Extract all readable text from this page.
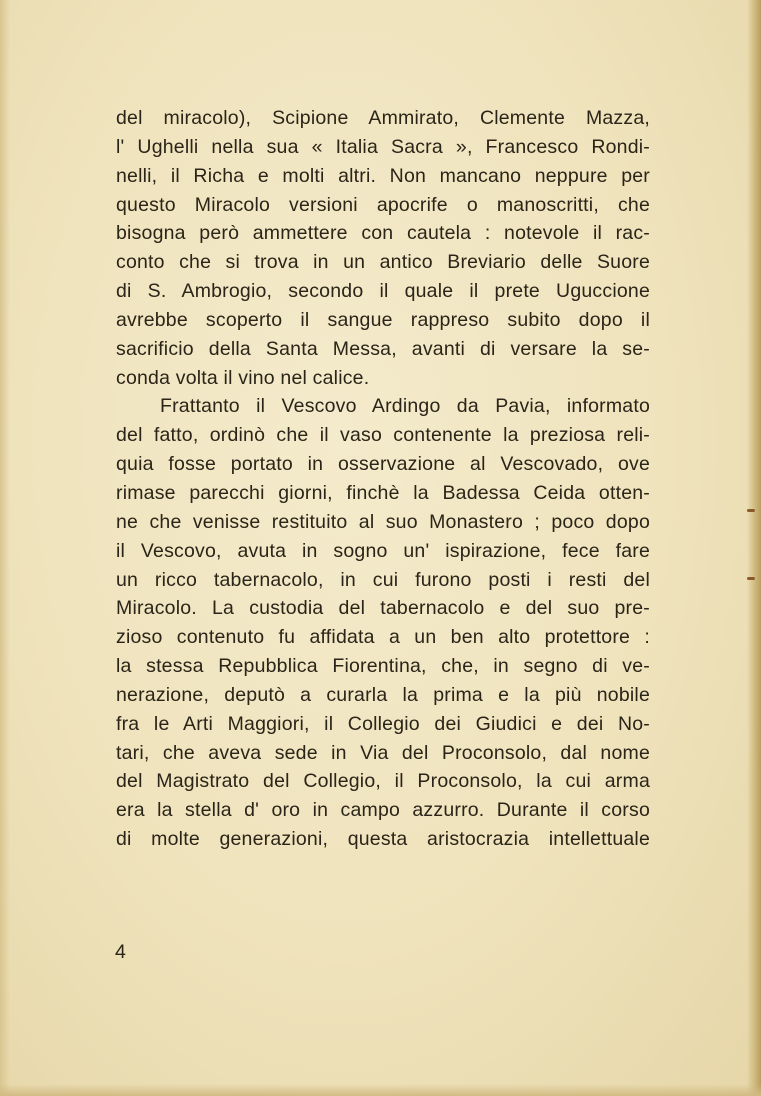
del miracolo), Scipione Ammirato, Clemente Mazza,
l' Ughelli nella sua « Italia Sacra », Francesco Rondi-
nelli, il Richa e molti altri. Non mancano neppure per
questo Miracolo versioni apocrife o manoscritti, che
bisogna però ammettere con cautela : notevole il rac-
conto che si trova in un antico Breviario delle Suore
di S. Ambrogio, secondo il quale il prete Uguccione
avrebbe scoperto il sangue rappreso subito dopo il
sacrificio della Santa Messa, avanti di versare la se-
conda volta il vino nel calice.
Frattanto il Vescovo Ardingo da Pavia, informato
del fatto, ordinò che il vaso contenente la preziosa reli-
quia fosse portato in osservazione al Vescovado, ove
rimase parecchi giorni, finchè la Badessa Ceida otten-
ne che venisse restituito al suo Monastero ; poco dopo
il Vescovo, avuta in sogno un' ispirazione, fece fare
un ricco tabernacolo, in cui furono posti i resti del
Miracolo. La custodia del tabernacolo e del suo pre-
zioso contenuto fu affidata a un ben alto protettore :
la stessa Repubblica Fiorentina, che, in segno di ve-
nerazione, deputò a curarla la prima e la più nobile
fra le Arti Maggiori, il Collegio dei Giudici e dei No-
tari, che aveva sede in Via del Proconsolo, dal nome
del Magistrato del Collegio, il Proconsolo, la cui arma
era la stella d' oro in campo azzurro. Durante il corso
di molte generazioni, questa aristocrazia intellettuale
4
